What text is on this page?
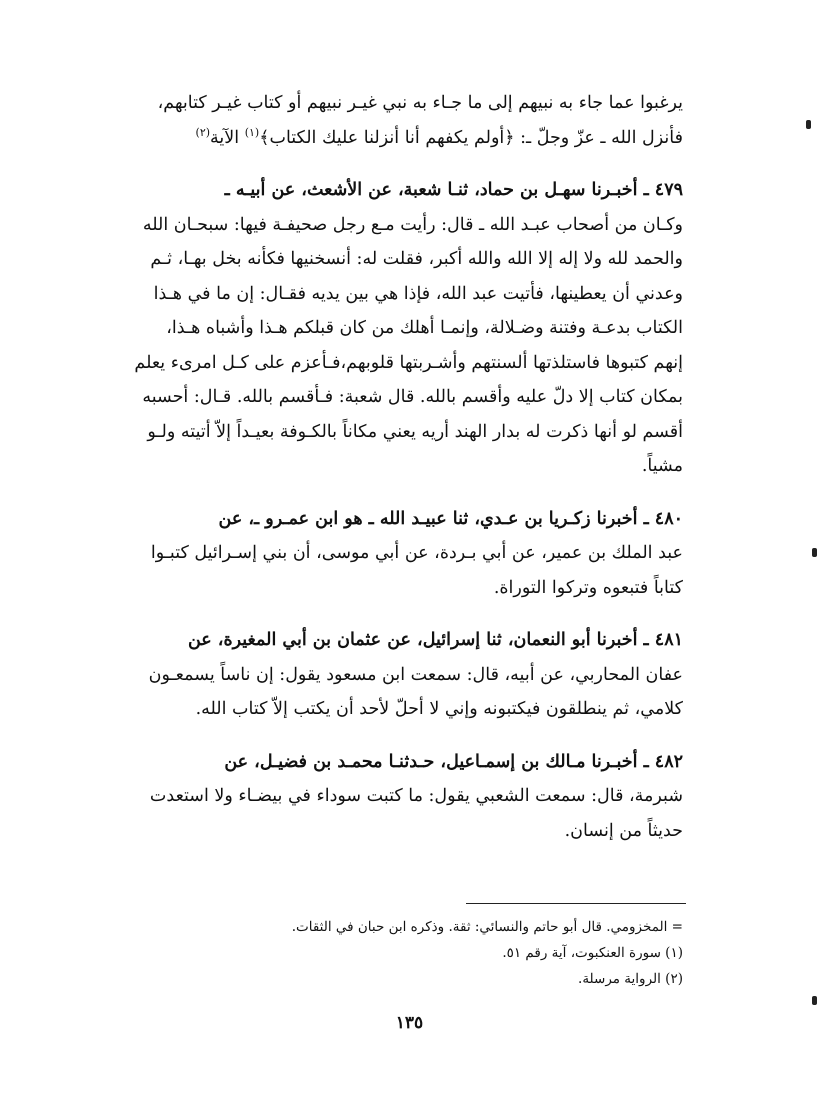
يرغبوا عما جاء به نبيهم إلى ما جـاء به نبي غيـر نبيهم أو كتاب غيـر كتابهم،

فأنزل الله ـ عزّ وجلّ ـ: ﴿أولم يكفهم أنا أنزلنا عليك الكتاب﴾$^{(١)}$ الآية$^{(٢)}$

٤٧٩ ـ أخبـرنا سهـل بن حماد، ثنـا شعبة، عن الأشعث، عن أبيـه ـ

وكـان من أصحاب عبـد الله ـ قال: رأيت مـع رجل صحيفـة فيها: سبحـان الله

والحمد لله ولا إله إلا الله والله أكبر، فقلت له: أنسخنيها فكأنه بخل بهـا، ثـم

وعدني أن يعطينها، فأتيت عبد الله، فإذا هي بين يديه فقـال: إن ما في هـذا

الكتاب بدعـة وفتنة وضـلالة، وإنمـا أهلك من كان قبلكم هـذا وأشباه هـذا،

إنهم كتبوها فاستلذتها ألسنتهم وأشـربتها قلوبهم،فـأعزم على كـل امرىء يعلم

بمكان كتاب إلا دلّ عليه وأقسم بالله. قال شعبة: فـأقسم بالله. قـال: أحسبه

أقسم لو أنها ذكرت له بدار الهند أريه يعني مكاناً بالكـوفة بعيـداً إلاّ أتيته ولـو

مشياً.

٤٨٠ ـ أخبرنا زكـريا بن عـدي، ثنا عبيـد الله ـ هو ابن عمـرو ـ، عن

عبد الملك بن عمير، عن أبي بـردة، عن أبي موسى، أن بني إسـرائيل كتبـوا

كتاباً فتبعوه وتركوا التوراة.

٤٨١ ـ أخبرنا أبو النعمان، ثنا إسرائيل، عن عثمان بن أبي المغيرة، عن

عفان المحاربي، عن أبيه، قال: سمعت ابن مسعود يقول: إن ناساً يسمعـون

كلامي، ثم ينطلقون فيكتبونه وإني لا أحلّ لأحد أن يكتب إلاّ كتاب الله.

٤٨٢ ـ أخبـرنا مـالك بن إسمـاعيل، حـدثنـا محمـد بن فضيـل، عن

شبرمة، قال: سمعت الشعبي يقول: ما كتبت سوداء في بيضـاء ولا استعدت

حديثاً من إنسان.

= المخزومي. قال أبو حاتم والنسائي: ثقة. وذكره ابن حبان في الثقات.

(١) سورة العنكبوت، آية رقم ٥١.

(٢) الرواية مرسلة.

١٣٥
